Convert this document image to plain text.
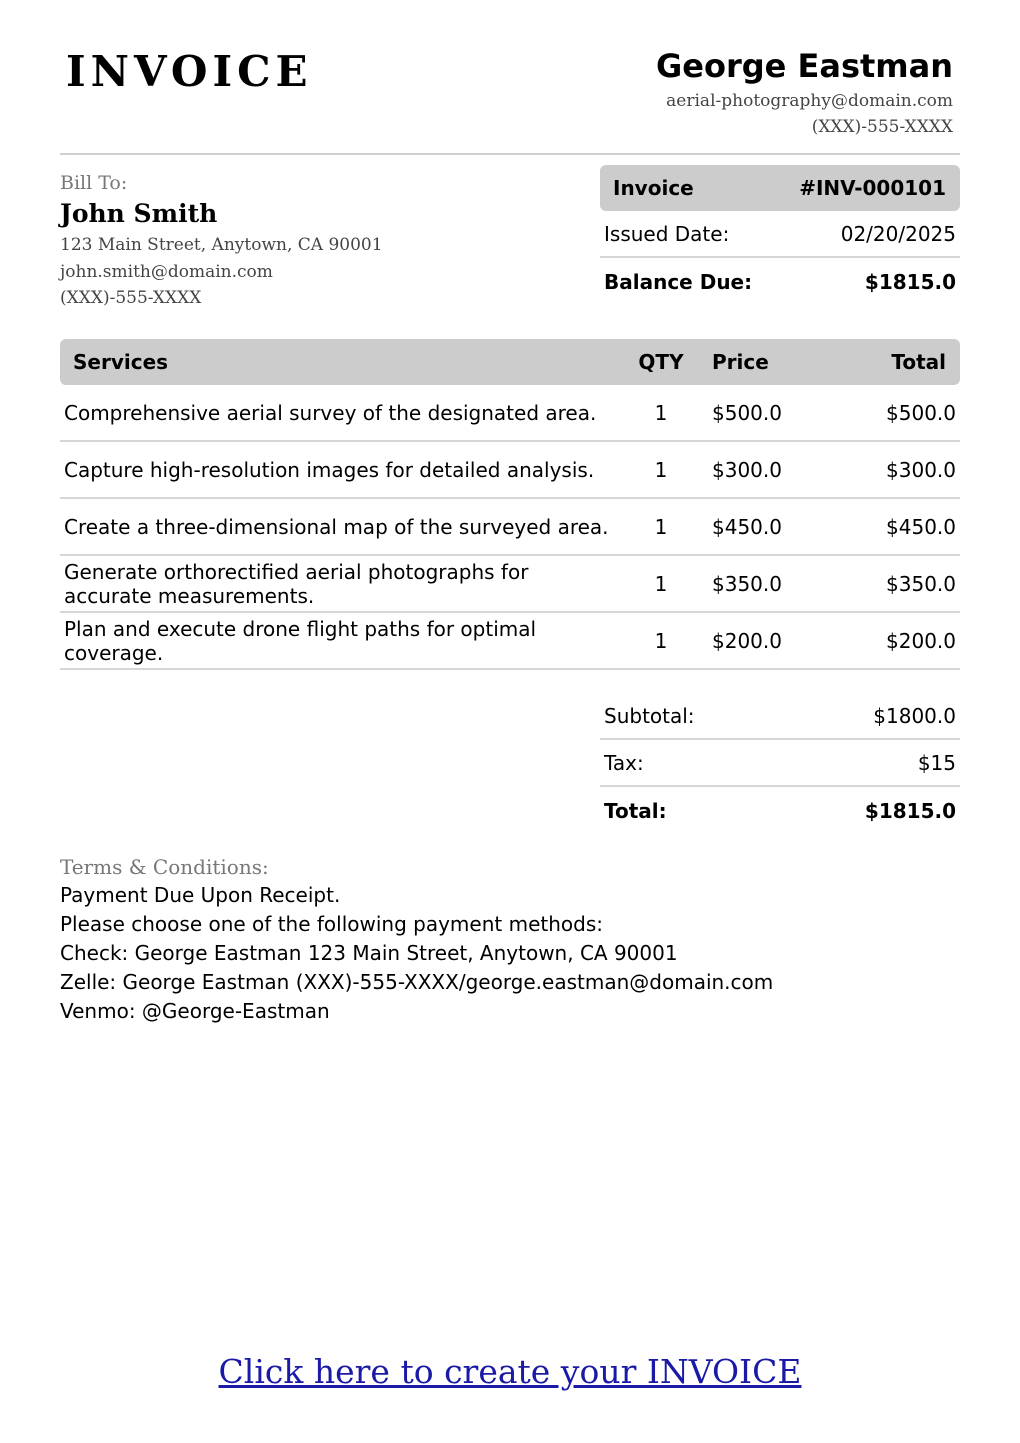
INVOICE	George Eastman
aerial-photography@domain.com
(XXX)-555-XXXX
Bill To:
John Smith
123 Main Street, Anytown, CA 90001
john.smith@domain.com
(XXX)-555-XXXX
Invoice	#INV-000101
Issued Date:	02/20/2025
Balance Due:	$1815.0
Services	QTY	Price	Total
Comprehensive aerial survey of the designated area.	1	$500.0	$500.0
Capture high-resolution images for detailed analysis.	1	$300.0	$300.0
Create a three-dimensional map of the surveyed area.	1	$450.0	$450.0
Generate orthorectified aerial photographs for accurate measurements.	1	$350.0	$350.0
Plan and execute drone flight paths for optimal coverage.	1	$200.0	$200.0
Subtotal:	$1800.0
Tax:	$15
Total:	$1815.0
Terms & Conditions:
Payment Due Upon Receipt.
Please choose one of the following payment methods:
Check: George Eastman 123 Main Street, Anytown, CA 90001
Zelle: George Eastman (XXX)-555-XXXX/george.eastman@domain.com
Venmo: @George-Eastman
Click here to create your INVOICE
